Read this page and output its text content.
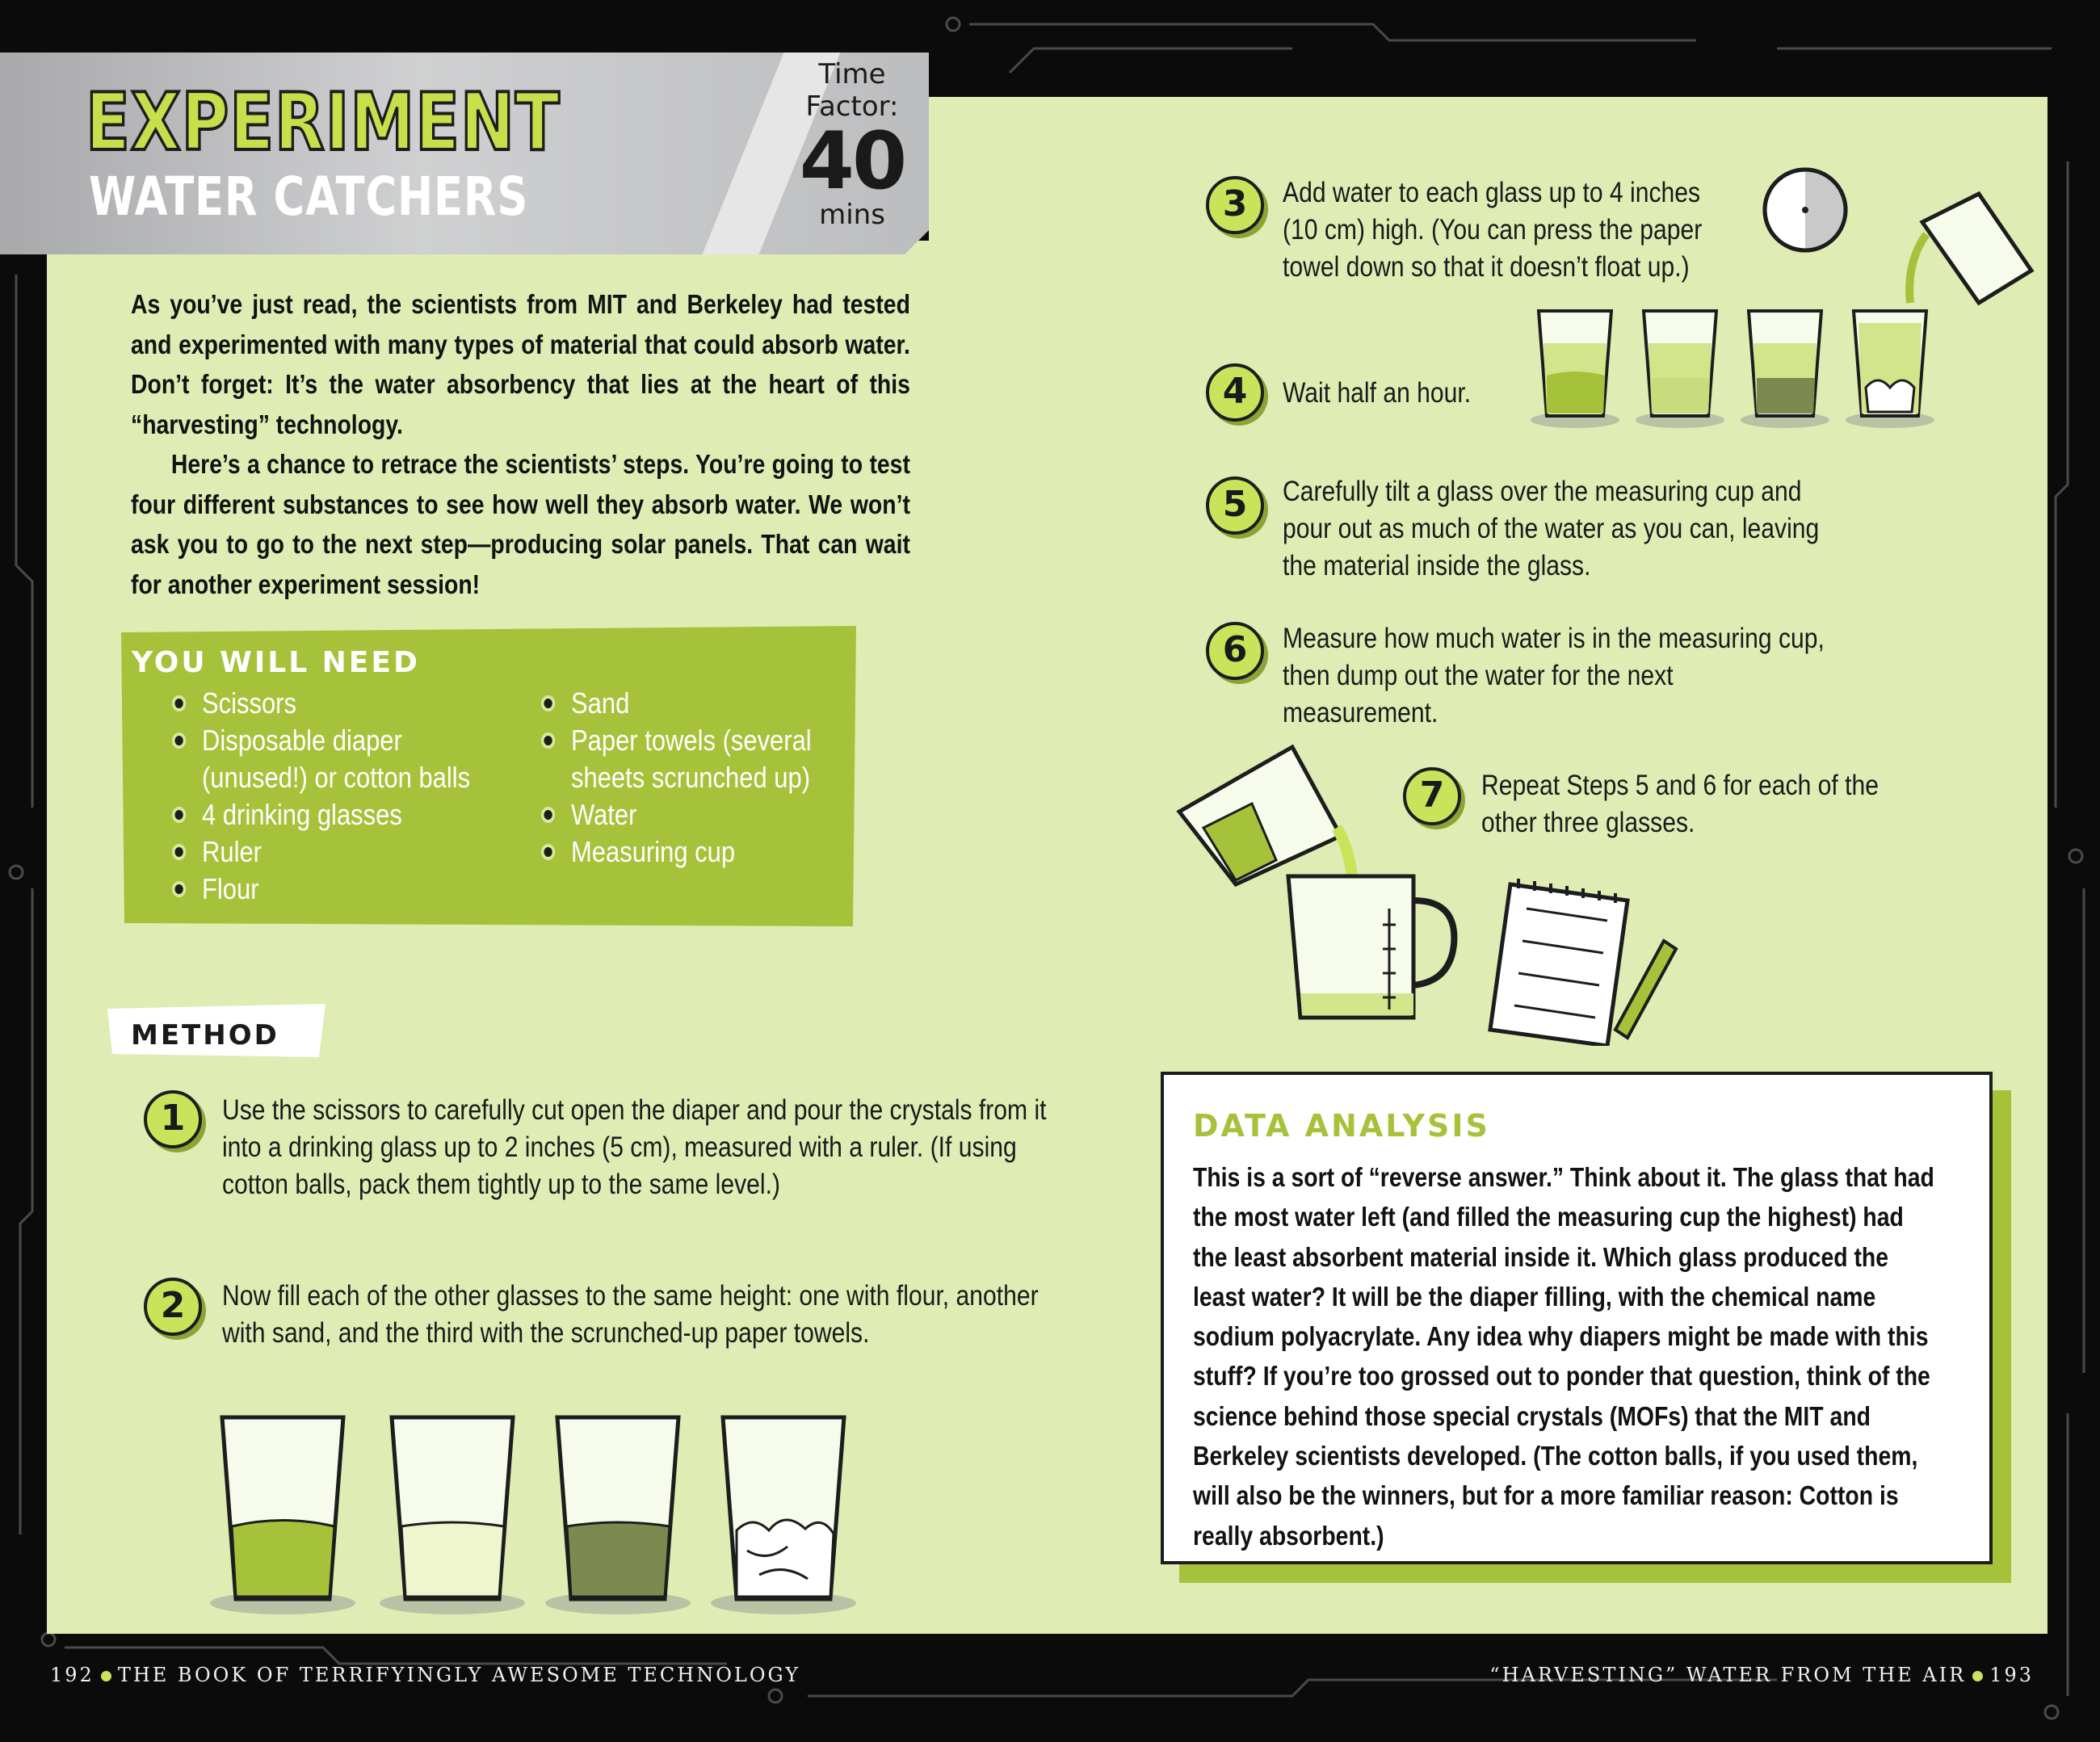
EXPERIMENT
WATER CATCHERS
Time
Factor:
40
mins
As you’ve just read, the scientists from MIT and Berkeley had tested and experimented with many types of material that could absorb water. Don’t forget: It’s the water absorbency that lies at the heart of this “harvesting” technology.
Here’s a chance to retrace the scientists’ steps. You’re going to test four different substances to see how well they absorb water. We won’t ask you to go to the next step—producing solar panels. That can wait for another experiment session!
YOU WILL NEED
Scissors
Disposable diaper
(unused!) or cotton balls
4 drinking glasses
Ruler
Flour
Sand
Paper towels (several
sheets scrunched up)
Water
Measuring cup
METHOD
1	Use the scissors to carefully cut open the diaper and pour the crystals from it into a drinking glass up to 2 inches (5 cm), measured with a ruler. (If using cotton balls, pack them tightly up to the same level.)
2	Now fill each of the other glasses to the same height: one with flour, another with sand, and the third with the scrunched-up paper towels.
3	Add water to each glass up to 4 inches (10 cm) high. (You can press the paper towel down so that it doesn’t float up.)
4	Wait half an hour.
5	Carefully tilt a glass over the measuring cup and pour out as much of the water as you can, leaving the material inside the glass.
6	Measure how much water is in the measuring cup, then dump out the water for the next measurement.
7	Repeat Steps 5 and 6 for each of the other three glasses.
DATA ANALYSIS
This is a sort of “reverse answer.” Think about it. The glass that had the most water left (and filled the measuring cup the highest) had the least absorbent material inside it. Which glass produced the least water? It will be the diaper filling, with the chemical name sodium polyacrylate. Any idea why diapers might be made with this stuff? If you’re too grossed out to ponder that question, think of the science behind those special crystals (MOFs) that the MIT and Berkeley scientists developed. (The cotton balls, if you used them, will also be the winners, but for a more familiar reason: Cotton is really absorbent.)
192 THE BOOK OF TERRIFYINGLY AWESOME TECHNOLOGY	“HARVESTING” WATER FROM THE AIR 193
